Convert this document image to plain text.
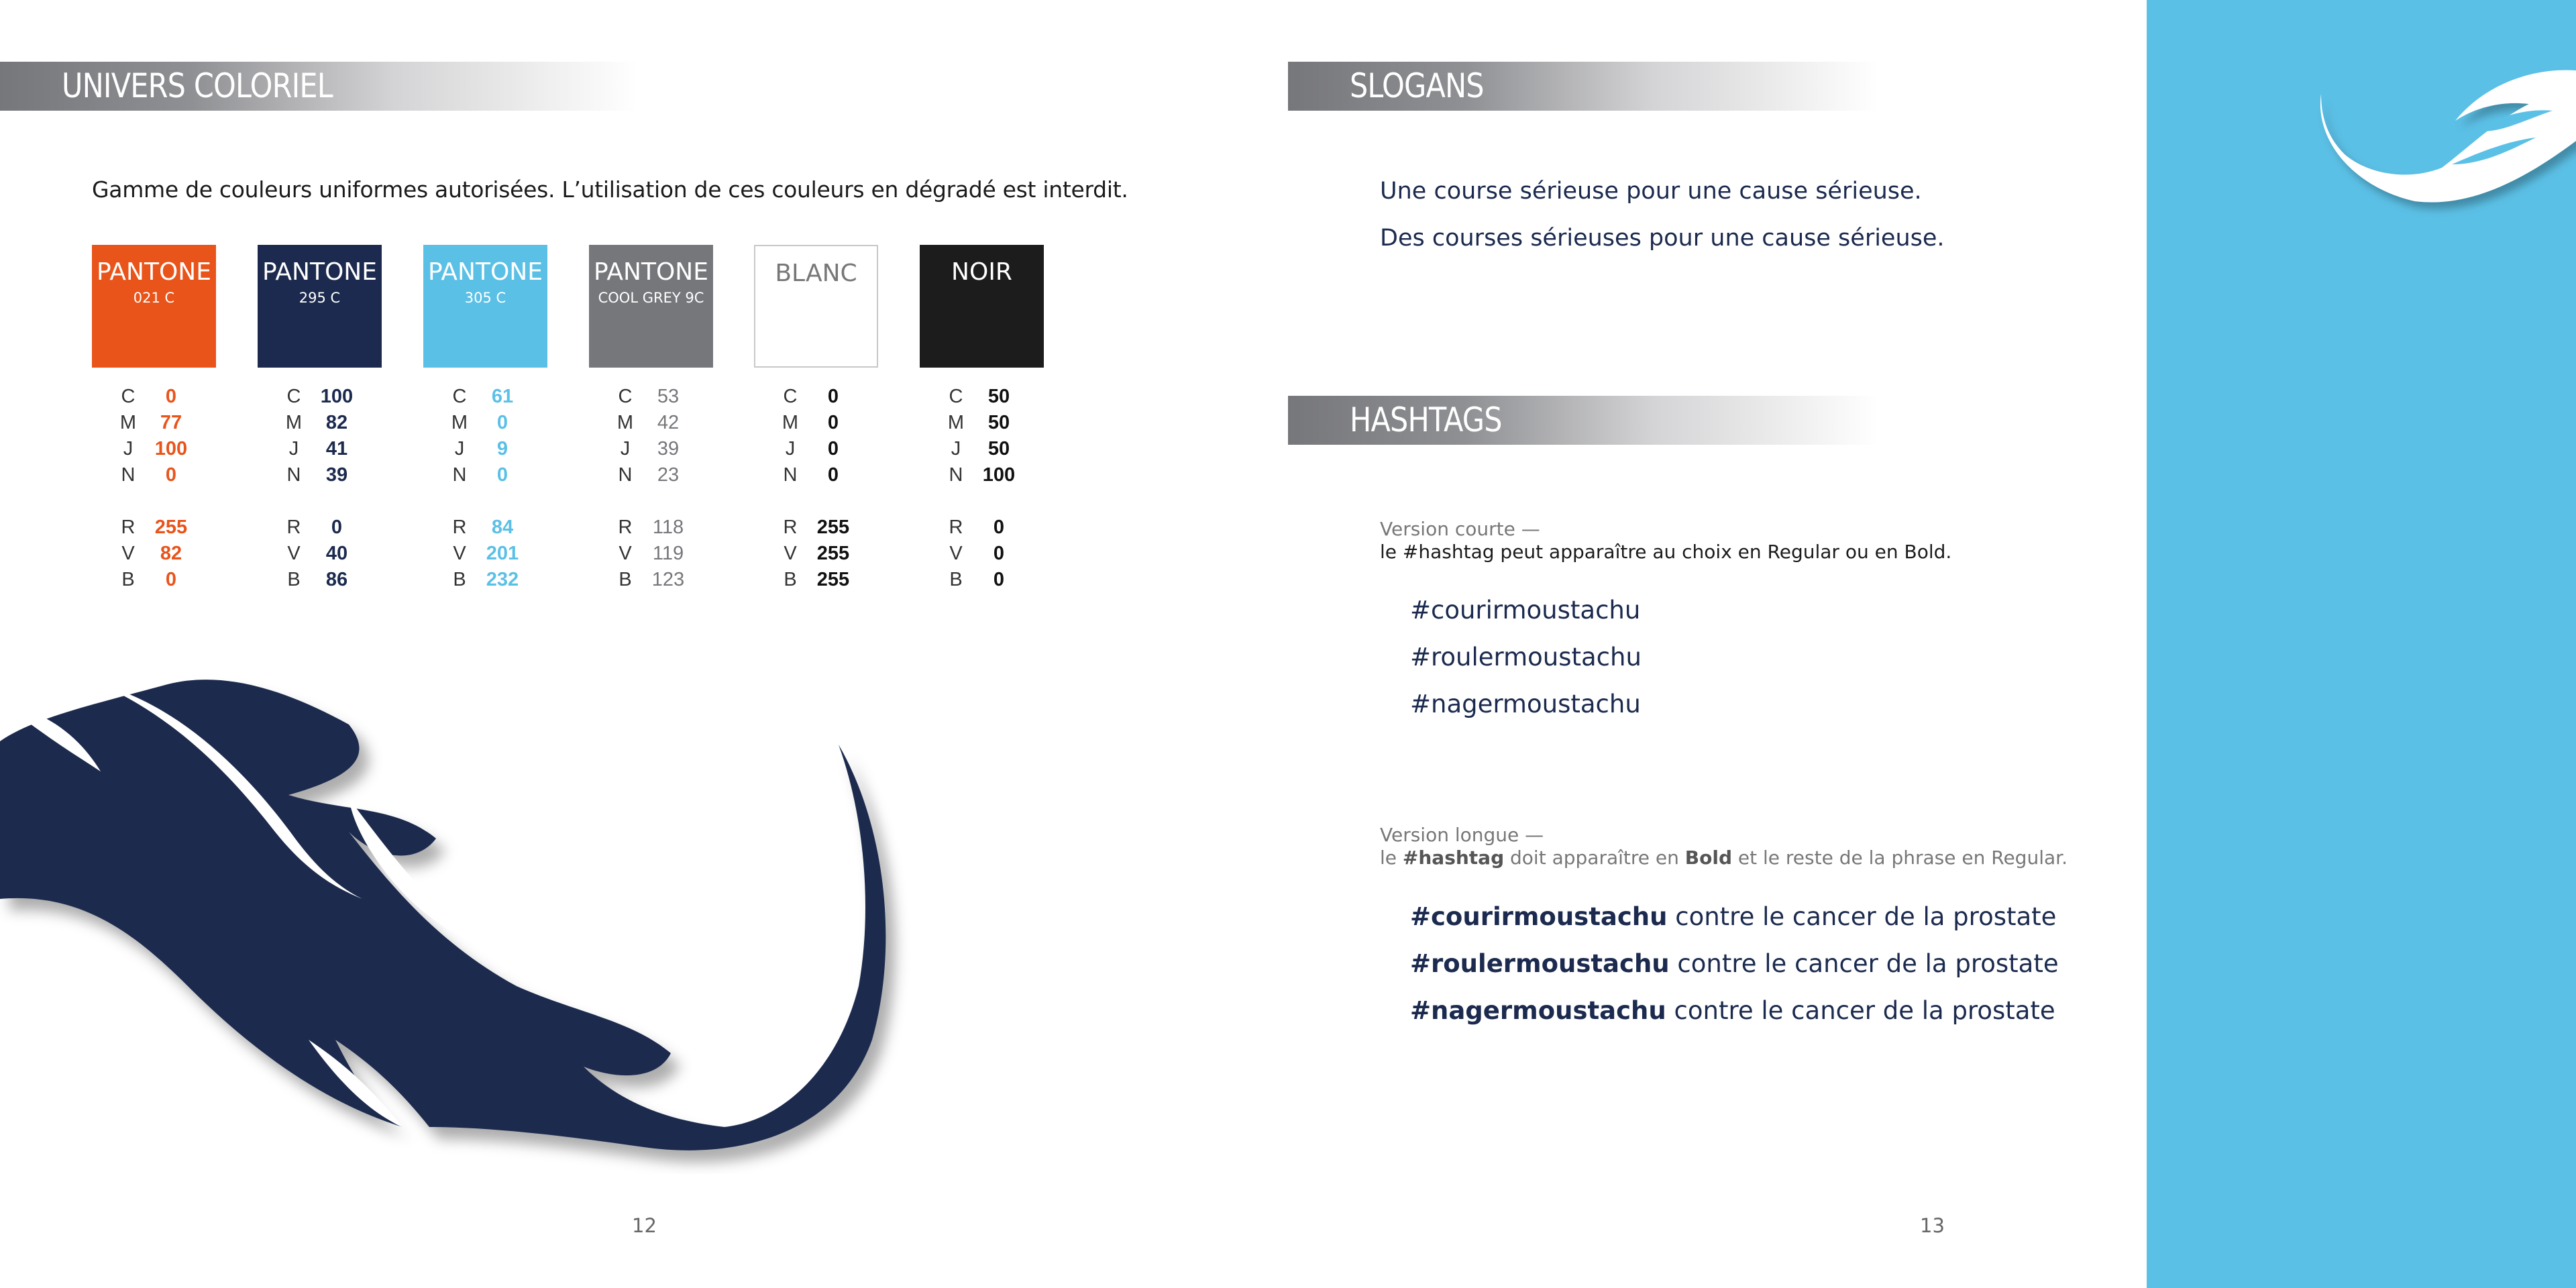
UNIVERS COLORIEL
Gamme de couleurs uniformes autorisées. L’utilisation de ces couleurs en dégradé est interdit.
PANTONE
021 C
C	0
M	77
J	100
N	0
R	255
V	82
B	0
PANTONE
295 C
C	100
M	82
J	41
N	39
R	0
V	40
B	86
PANTONE
305 C
C	61
M	0
J	9
N	0
R	84
V	201
B	232
PANTONE
COOL GREY 9C
C	53
M	42
J	39
N	23
R	118
V	119
B	123
BLANC
C	0
M	0
J	0
N	0
R	255
V	255
B	255
NOIR
C	50
M	50
J	50
N	100
R	0
V	0
B	0
12
SLOGANS
Une course sérieuse pour une cause sérieuse.
Des courses sérieuses pour une cause sérieuse.
HASHTAGS
Version courte —
le #hashtag peut apparaître au choix en Regular ou en Bold.
#courirmoustachu
#roulermoustachu
#nagermoustachu
Version longue —
le #hashtag doit apparaître en Bold et le reste de la phrase en Regular.
#courirmoustachu contre le cancer de la prostate
#roulermoustachu contre le cancer de la prostate
#nagermoustachu contre le cancer de la prostate
13
